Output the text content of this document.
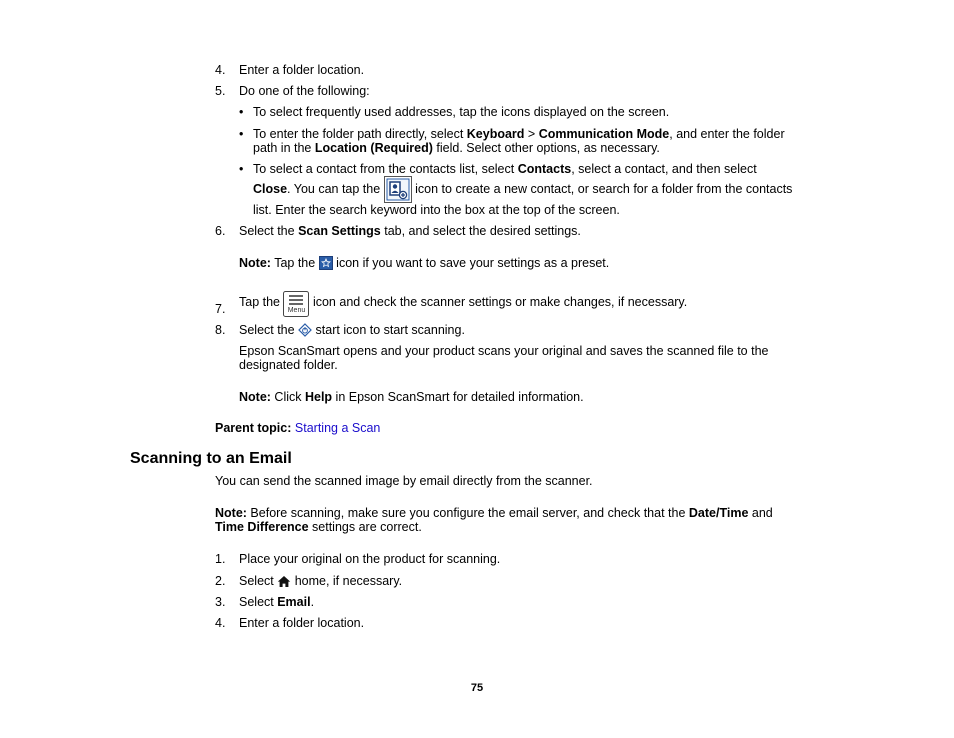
4. Enter a folder location.
5. Do one of the following:
• To select frequently used addresses, tap the icons displayed on the screen.
• To enter the folder path directly, select Keyboard > Communication Mode, and enter the folder
path in the Location (Required) field. Select other options, as necessary.
• To select a contact from the contacts list, select Contacts, select a contact, and then select
Close. You can tap the
icon to create a new contact, or search for a folder from the contacts
list. Enter the search keyword into the box at the top of the screen.
6. Select the Scan Settings tab, and select the desired settings.
Note: Tap the
icon if you want to save your settings as a preset.
7. Tap the
Menu
icon and check the scanner settings or make changes, if necessary.
8. Select the
start icon to start scanning.
Epson ScanSmart opens and your product scans your original and saves the scanned file to the
designated folder.
Note: Click Help in Epson ScanSmart for detailed information.
Parent topic: Starting a Scan
Scanning to an Email
You can send the scanned image by email directly from the scanner.
Note: Before scanning, make sure you configure the email server, and check that the Date/Time and
Time Difference settings are correct.
1. Place your original on the product for scanning.
2. Select
home, if necessary.
3. Select Email.
4. Enter a folder location.
75
